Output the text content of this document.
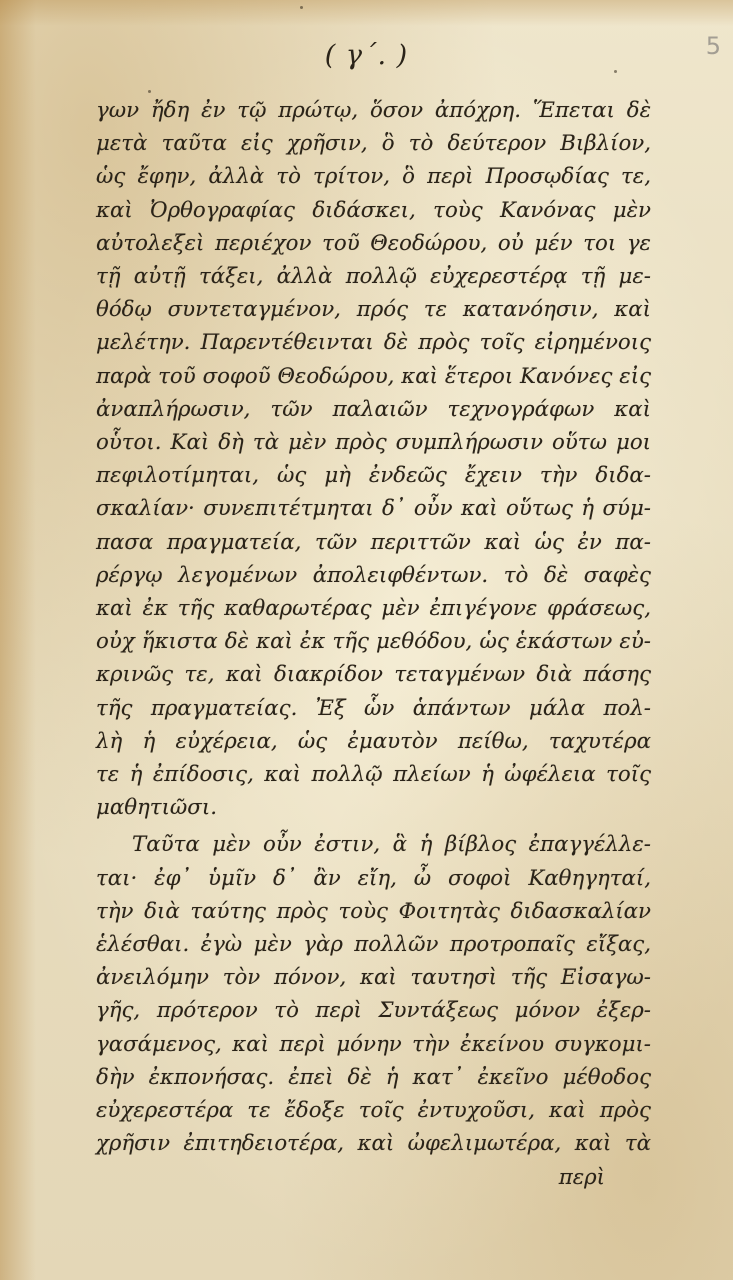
5
( γ΄. )
γων ἤδη ἐν τῷ πρώτῳ, ὅσον ἀπόχρη. Ἕπεται δὲ
μετὰ ταῦτα εἰς χρῆσιν, ὃ τὸ δεύτερον Βιβλίον,
ὡς ἔφην, ἀλλὰ τὸ τρίτον, ὃ περὶ Προσῳδίας τε,
καὶ Ὀρθογραφίας διδάσκει, τοὺς Κανόνας μὲν
αὐτολεξεὶ περιέχον τοῦ Θεοδώρου, οὐ μέν τοι γε
τῇ αὐτῇ τάξει, ἀλλὰ πολλῷ εὐχερεστέρᾳ τῇ με-
θόδῳ συντεταγμένον, πρός τε κατανόησιν, καὶ
μελέτην. Παρεντέθεινται δὲ πρὸς τοῖς εἰρημένοις
παρὰ τοῦ σοφοῦ Θεοδώρου, καὶ ἕτεροι Κανόνες εἰς
ἀναπλήρωσιν, τῶν παλαιῶν τεχνογράφων καὶ
οὗτοι. Καὶ δὴ τὰ μὲν πρὸς συμπλήρωσιν οὕτω μοι
πεφιλοτίμηται, ὡς μὴ ἐνδεῶς ἔχειν τὴν διδα-
σκαλίαν· συνεπιτέτμηται δ᾽ οὖν καὶ οὕτως ἡ σύμ-
πασα πραγματεία, τῶν περιττῶν καὶ ὡς ἐν πα-
ρέργῳ λεγομένων ἀπολειφθέντων. τὸ δὲ σαφὲς
καὶ ἐκ τῆς καθαρωτέρας μὲν ἐπιγέγονε φράσεως,
οὐχ ἥκιστα δὲ καὶ ἐκ τῆς μεθόδου, ὡς ἑκάστων εὐ-
κρινῶς τε, καὶ διακρίδον τεταγμένων διὰ πάσης
τῆς πραγματείας. Ἐξ ὧν ἁπάντων μάλα πολ-
λὴ ἡ εὐχέρεια, ὡς ἐμαυτὸν πείθω, ταχυτέρα
τε ἡ ἐπίδοσις, καὶ πολλῷ πλείων ἡ ὠφέλεια τοῖς
μαθητιῶσι.
Ταῦτα μὲν οὖν ἐστιν, ἃ ἡ βίβλος ἐπαγγέλλε-
ται· ἐφ᾽ ὑμῖν δ᾽ ἂν εἴη, ὦ σοφοὶ Καθηγηταί,
τὴν διὰ ταύτης πρὸς τοὺς Φοιτητὰς διδασκαλίαν
ἑλέσθαι. ἐγὼ μὲν γὰρ πολλῶν προτροπαῖς εἴξας,
ἀνειλόμην τὸν πόνον, καὶ ταυτησὶ τῆς Εἰσαγω-
γῆς, πρότερον τὸ περὶ Συντάξεως μόνον ἐξερ-
γασάμενος, καὶ περὶ μόνην τὴν ἐκείνου συγκομι-
δὴν ἐκπονήσας. ἐπεὶ δὲ ἡ κατ᾽ ἐκεῖνο μέθοδος
εὐχερεστέρα τε ἔδοξε τοῖς ἐντυχοῦσι, καὶ πρὸς
χρῆσιν ἐπιτηδειοτέρα, καὶ ὠφελιμωτέρα, καὶ τὰ
περὶ
